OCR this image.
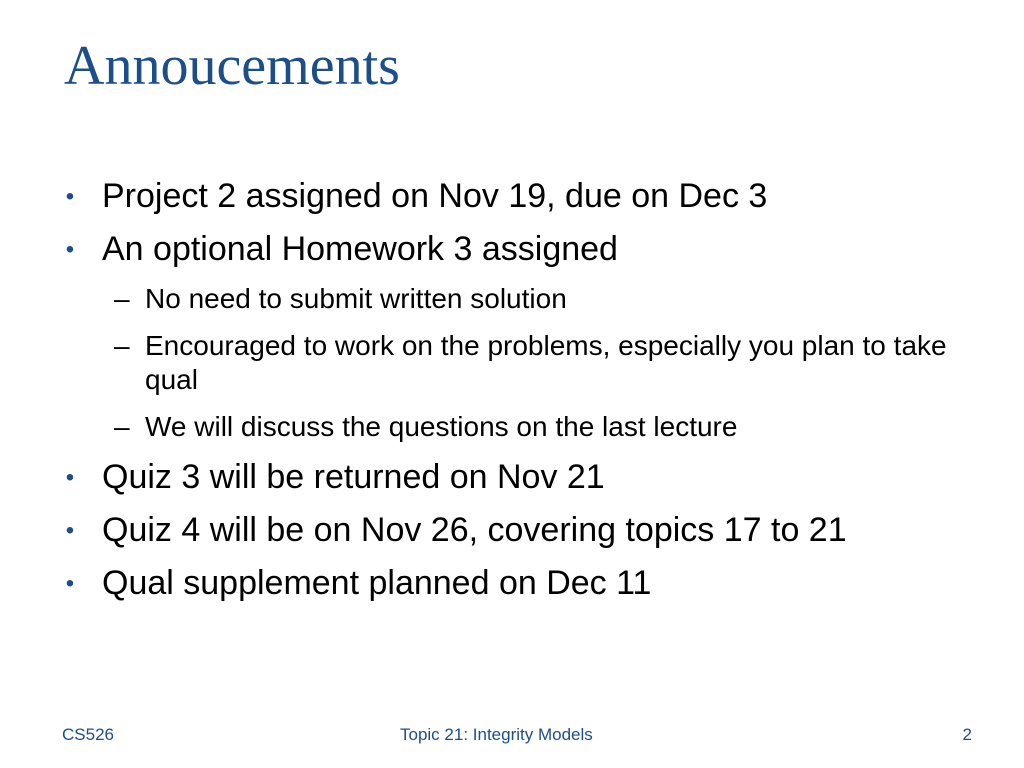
Annoucements
• Project 2 assigned on Nov 19, due on Dec 3
• An optional Homework 3 assigned
– No need to submit written solution
– Encouraged to work on the problems, especially you plan to take qual
– We will discuss the questions on the last lecture
• Quiz 3 will be returned on Nov 21
• Quiz 4 will be on Nov 26, covering topics 17 to 21
• Qual supplement planned on Dec 11
CS526	Topic 21: Integrity Models	2
